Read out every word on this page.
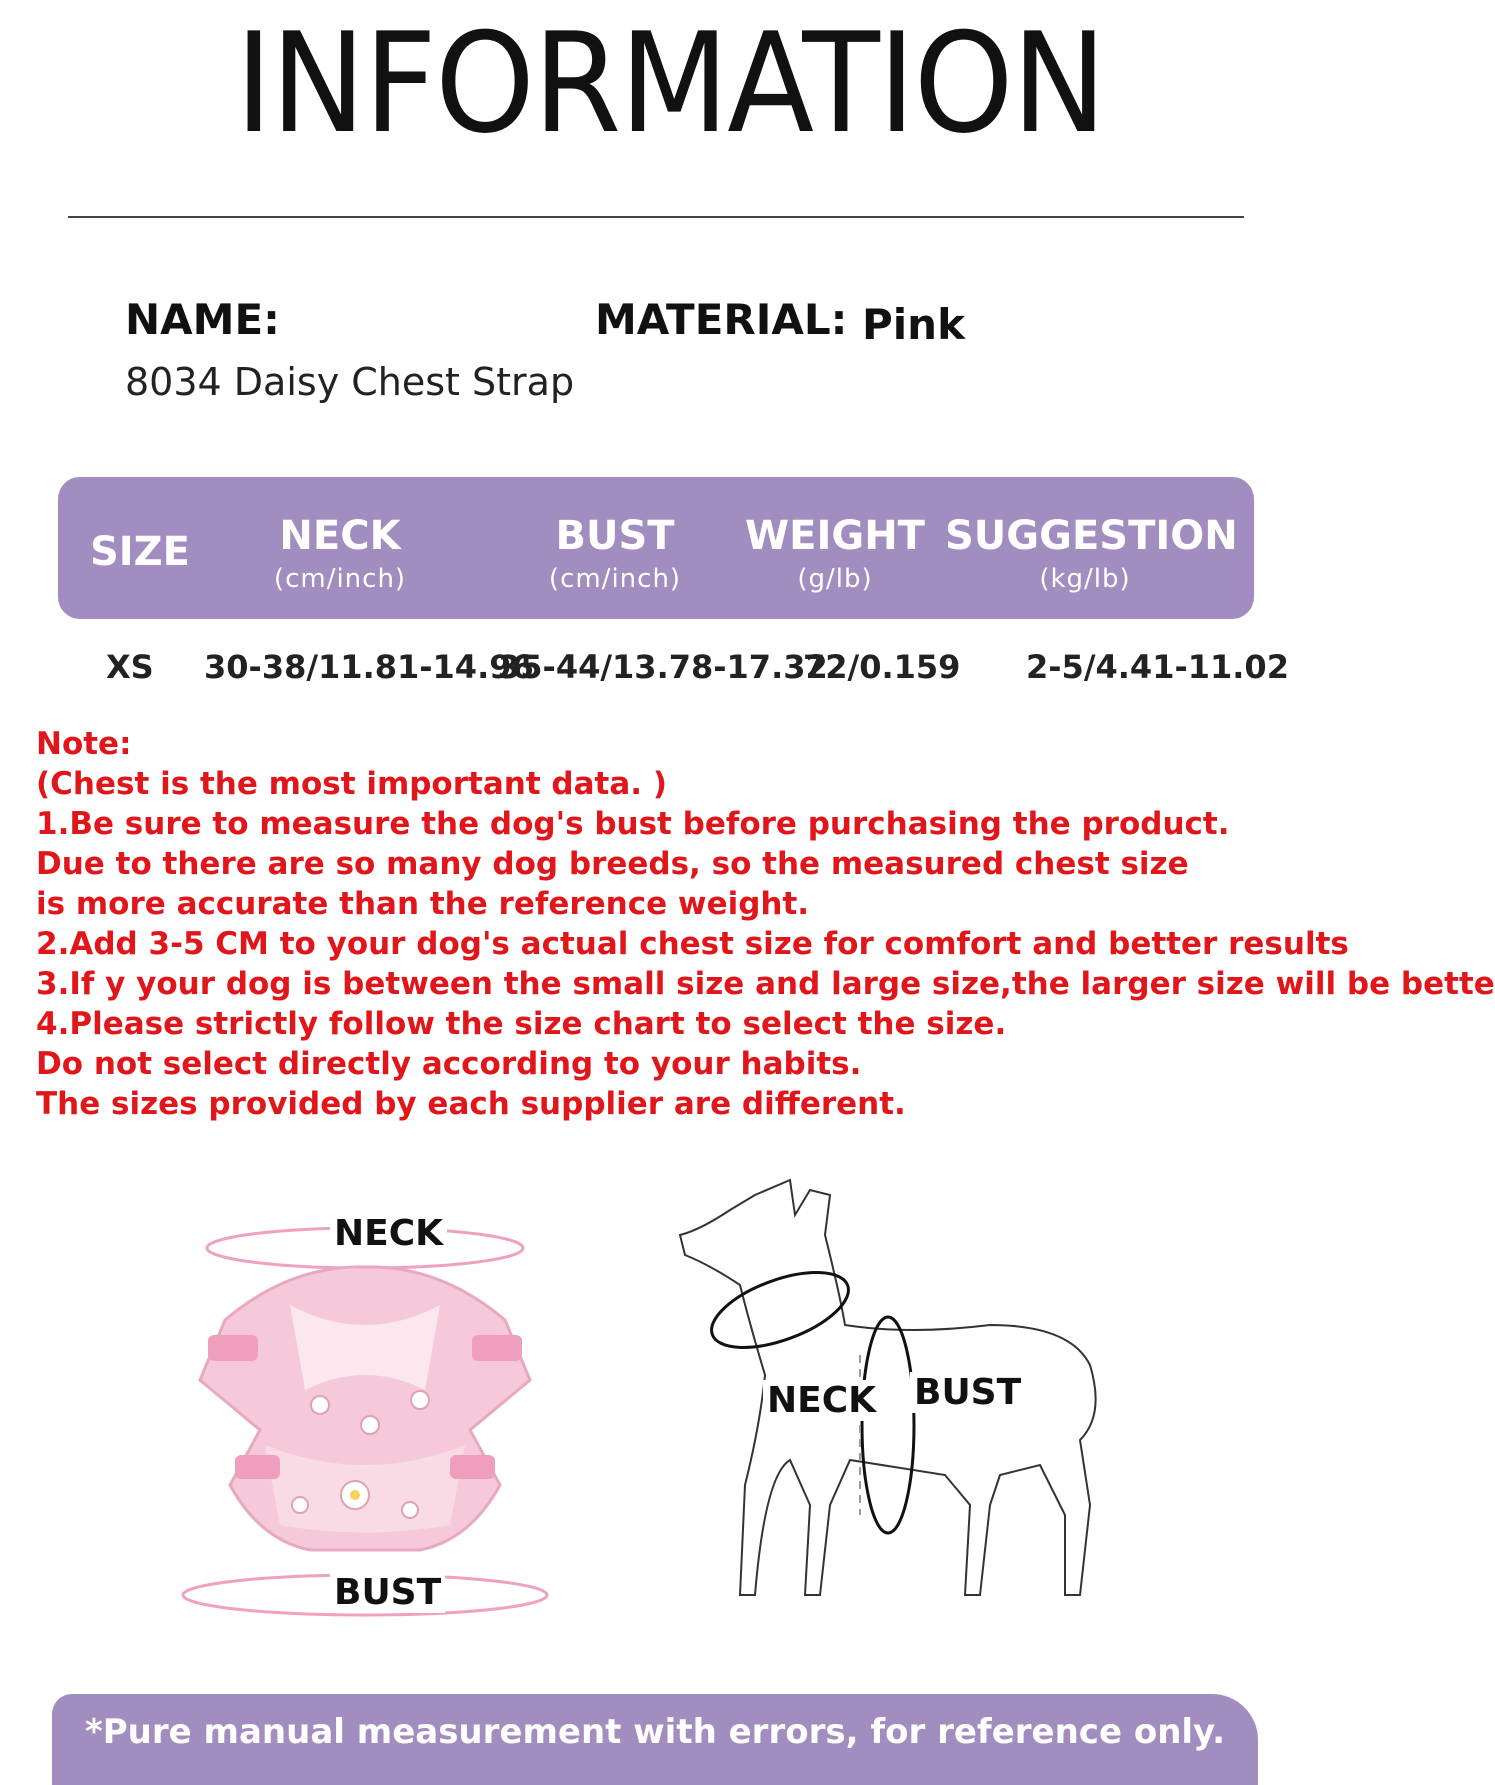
INFORMATION
NAME:
8034 Daisy Chest Strap
MATERIAL: Pink
SIZE	NECK
(cm/inch)
BUST
(cm/inch)
WEIGHT
(g/lb)
SUGGESTION
(kg/lb)
XS 30-38/11.81-14.96
35-44/13.78-17.32
72/0.159 2-5/4.41-11.02
Note:
(Chest is the most important data. )
1.Be sure to measure the dog's bust before purchasing the product.
Due to there are so many dog breeds, so the measured chest size
is more accurate than the reference weight.
2.Add 3-5 CM to your dog's actual chest size for comfort and better results
3.If y your dog is between the small size and large size,the larger size will be bette
4.Please strictly follow the size chart to select the size.
Do not select directly according to your habits.
The sizes provided by each supplier are different.
NECK
BUST
NECK BUST
*Pure manual measurement with errors, for reference only.
